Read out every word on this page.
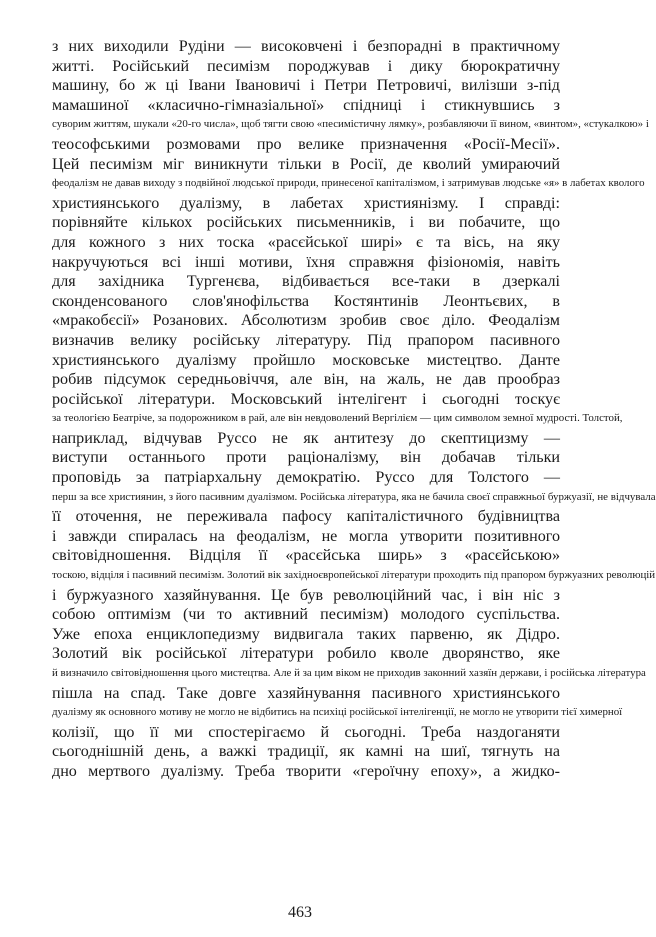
з них виходили Рудіни — високовчені і безпорадні в практичному
житті. Російський песимізм породжував і дику бюрократичну
машину, бо ж ці Івани Івановичі і Петри Петровичі, вилізши з-під
мамашиної «класично-гімназіальної» спідниці і стикнувшись з
суворим життям, шукали «20-го числа», щоб тягти свою «песимістичну лямку», розбавляючи її вином, «винтом», «стукалкою» і
теософськими розмовами про велике призначення «Росії-Месії».
Цей песимізм міг виникнути тільки в Росії, де кволий умираючий
феодалізм не давав виходу з подвійної людської природи, принесеної капіталізмом, і затримував людське «я» в лабетах кволого
християнського дуалізму, в лабетах християнізму. І справді:
порівняйте кількох російських письменників, і ви побачите, що
для кожного з них тоска «расєйської ширі» є та вісь, на яку
накручуються всі інші мотиви, їхня справжня фізіономія, навіть
для західника Тургенєва, відбивається все-таки в дзеркалі
сконденсованого слов'янофільства Костянтинів Леонтьєвих, в
«мракобєсії» Розанових. Абсолютизм зробив своє діло. Феодалізм
визначив велику російську літературу. Під прапором пасивного
християнського дуалізму пройшло московське мистецтво. Данте
робив підсумок середньовіччя, але він, на жаль, не дав прообраз
російської літератури. Московський інтелігент і сьогодні тоскує
за теологією Беатріче, за подорожником в рай, але він невдоволений Вергілієм — цим символом земної мудрості. Толстой,
наприклад, відчував Руссо не як антитезу до скептицизму —
виступи останнього проти раціоналізму, він добачав тільки
проповідь за патріархальну демократію. Руссо для Толстого —
перш за все християнин, з його пасивним дуалізмом. Російська література, яка не бачила своєї справжньої буржуазії, не відчувала
її оточення, не переживала пафосу капіталістичного будівництва
і завжди спиралась на феодалізм, не могла утворити позитивного
світовідношення. Відціля її «расєйська ширь» з «расєйською»
тоскою, відціля і пасивний песимізм. Золотий вік західноєвропейської літератури проходить під прапором буржуазних революцій
і буржуазного хазяйнування. Це був революційний час, і він ніс з
собою оптимізм (чи то активний песимізм) молодого суспільства.
Уже епоха енциклопедизму видвигала таких парвеню, як Дідро.
Золотий вік російської літератури робило кволе дворянство, яке
й визначило світовідношення цього мистецтва. Але й за цим віком не приходив законний хазяїн держави, і російська література
пішла на спад. Таке довге хазяйнування пасивного християнського
дуалізму як основного мотиву не могло не відбитись на психіці російської інтелігенції, не могло не утворити тієї химерної
колізії, що її ми спостерігаємо й сьогодні. Треба наздоганяти
сьогоднішній день, а важкі традиції, як камні на шиї, тягнуть на
дно мертвого дуалізму. Треба творити «героїчну епоху», а жидко-
463
